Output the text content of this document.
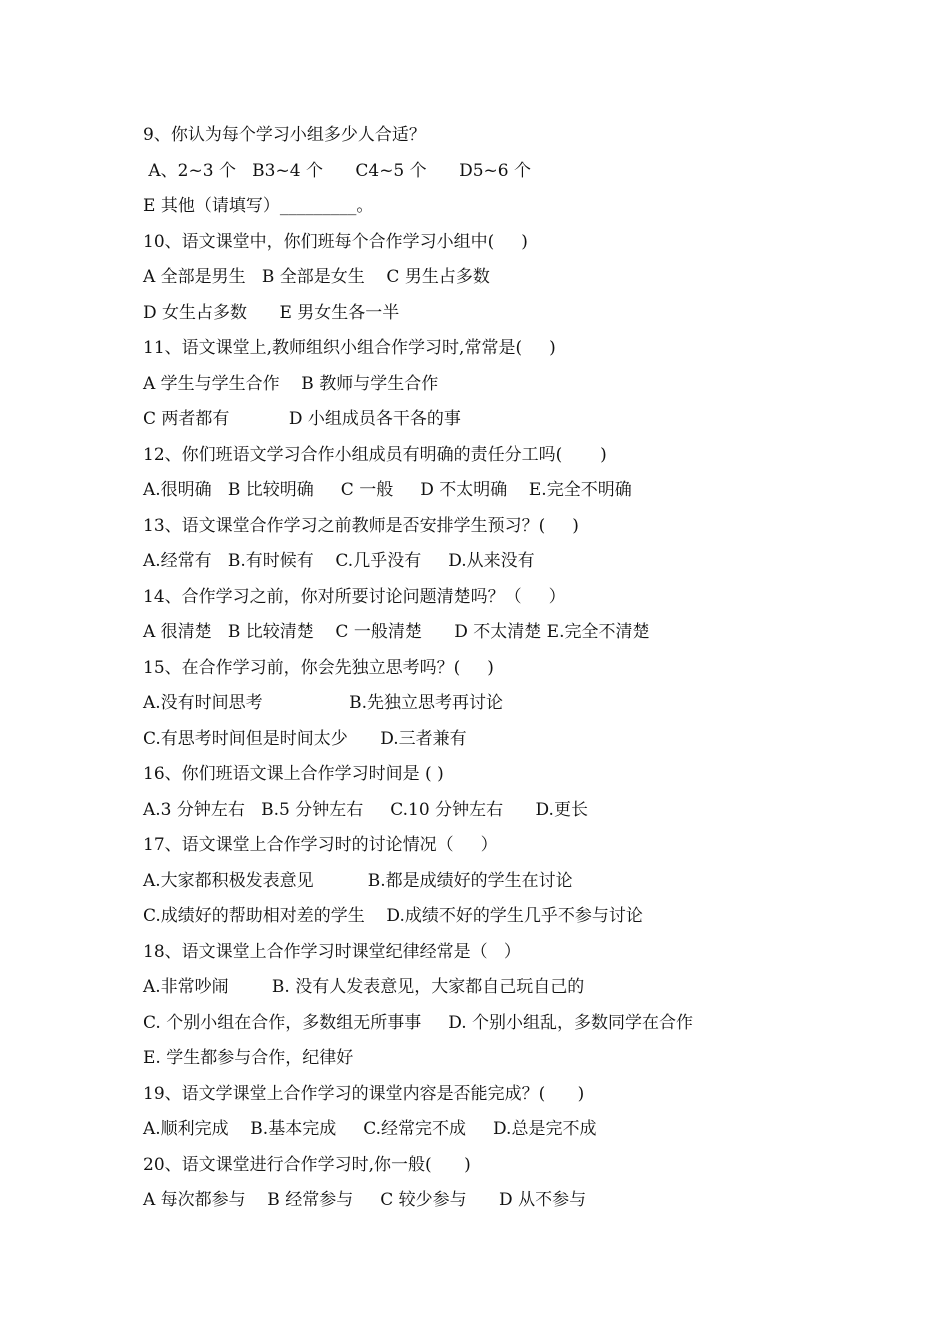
9、你认为每个学习小组多少人合适？
A、2~3 个   B3~4 个      C4~5 个      D5~6 个
E 其他（请填写）_________。
10、语文课堂中，你们班每个合作学习小组中(     )
A 全部是男生   B 全部是女生    C 男生占多数
D 女生占多数      E 男女生各一半
11、语文课堂上,教师组织小组合作学习时,常常是(     )
A 学生与学生合作    B 教师与学生合作
C 两者都有           D 小组成员各干各的事
12、你们班语文学习合作小组成员有明确的责任分工吗(       )
A.很明确   B 比较明确     C 一般     D 不太明确    E.完全不明确
13、语文课堂合作学习之前教师是否安排学生预习？(     )
A.经常有   B.有时候有    C.几乎没有     D.从来没有
14、合作学习之前，你对所要讨论问题清楚吗？（     ）
A 很清楚   B 比较清楚    C 一般清楚      D 不太清楚 E.完全不清楚
15、在合作学习前，你会先独立思考吗？(     )
A.没有时间思考                B.先独立思考再讨论
C.有思考时间但是时间太少      D.三者兼有
16、你们班语文课上合作学习时间是 ( )
A.3 分钟左右   B.5 分钟左右     C.10 分钟左右      D.更长
17、语文课堂上合作学习时的讨论情况（     ）
A.大家都积极发表意见          B.都是成绩好的学生在讨论
C.成绩好的帮助相对差的学生    D.成绩不好的学生几乎不参与讨论
18、语文课堂上合作学习时课堂纪律经常是（   ）
A.非常吵闹        B. 没有人发表意见，大家都自己玩自己的
C. 个别小组在合作，多数组无所事事     D. 个别小组乱，多数同学在合作
E. 学生都参与合作，纪律好
19、语文学课堂上合作学习的课堂内容是否能完成？(      )
A.顺利完成    B.基本完成     C.经常完不成     D.总是完不成
20、语文课堂进行合作学习时,你一般(      )
A 每次都参与    B 经常参与     C 较少参与      D 从不参与
